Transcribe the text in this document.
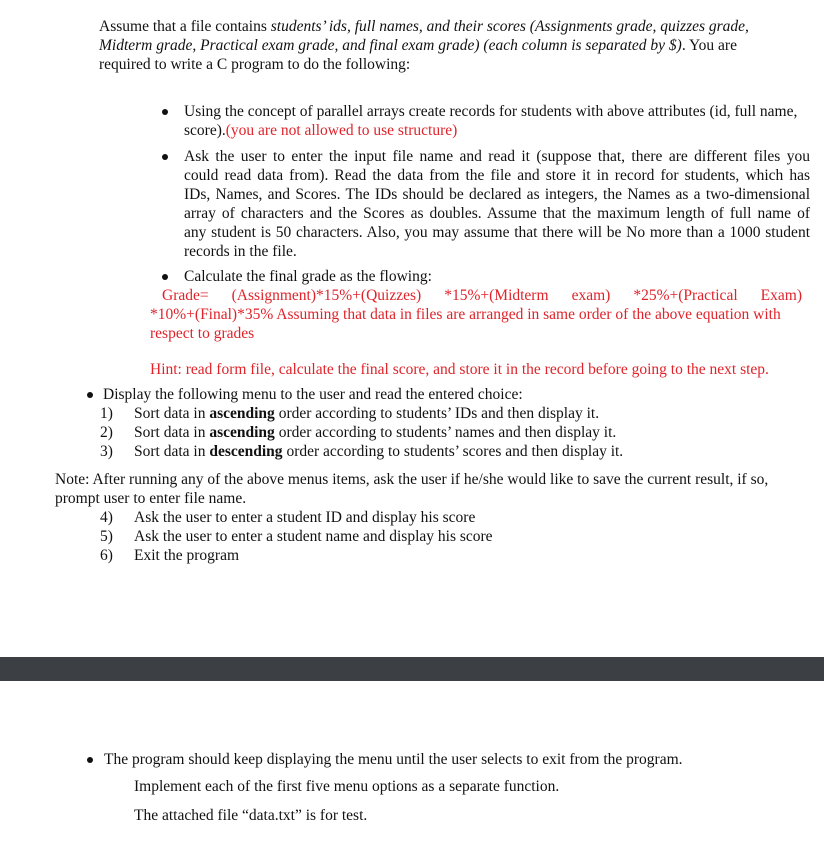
Assume that a file contains students’ ids, full names, and their scores (Assignments grade, quizzes grade,
Midterm grade, Practical exam grade, and final exam grade) (each column is separated by $). You are
required to write a C program to do the following:
Using the concept of parallel arrays create records for students with above attributes (id, full name,
score).(you are not allowed to use structure)
Ask the user to enter the input file name and read it (suppose that, there are different files you
could read data from). Read the data from the file and store it in record for students, which has
IDs, Names, and Scores. The IDs should be declared as integers, the Names as a two-dimensional
array of characters and the Scores as doubles. Assume that the maximum length of full name of
any student is 50 characters. Also, you may assume that there will be No more than a 1000 student
records in the file.
Calculate the final grade as the flowing:
Grade= (Assignment)*15%+(Quizzes) *15%+(Midterm exam) *25%+(Practical Exam)
*10%+(Final)*35% Assuming that data in files are arranged in same order of the above equation with
respect to grades
Hint: read form file, calculate the final score, and store it in the record before going to the next step.
Display the following menu to the user and read the entered choice:
1) Sort data in ascending order according to students’ IDs and then display it.
2) Sort data in ascending order according to students’ names and then display it.
3) Sort data in descending order according to students’ scores and then display it.
Note: After running any of the above menus items, ask the user if he/she would like to save the current result, if so,
prompt user to enter file name.
4) Ask the user to enter a student ID and display his score
5) Ask the user to enter a student name and display his score
6) Exit the program
The program should keep displaying the menu until the user selects to exit from the program.
Implement each of the first five menu options as a separate function.
The attached file “data.txt” is for test.
